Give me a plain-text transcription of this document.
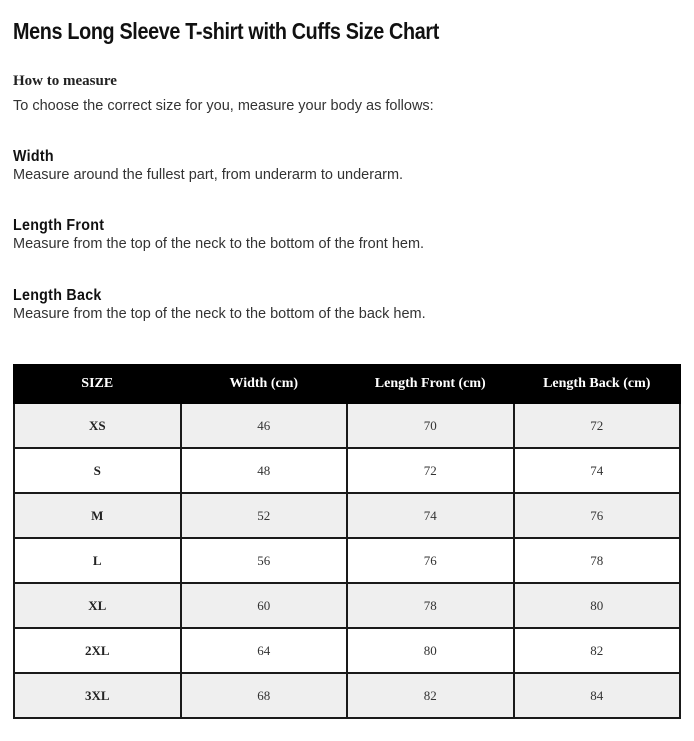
Mens Long Sleeve T-shirt with Cuffs Size Chart
How to measure

To choose the correct size for you, measure your body as follows:

Width

Measure around the fullest part, from underarm to underarm.

Length Front

Measure from the top of the neck to the bottom of the front hem.

Length Back

Measure from the top of the neck to the bottom of the back hem.

SIZE	Width (cm)	Length Front (cm)	Length Back (cm)
XS	46	70	72
S	48	72	74
M	52	74	76
L	56	76	78
XL	60	78	80
2XL	64	80	82
3XL	68	82	84
